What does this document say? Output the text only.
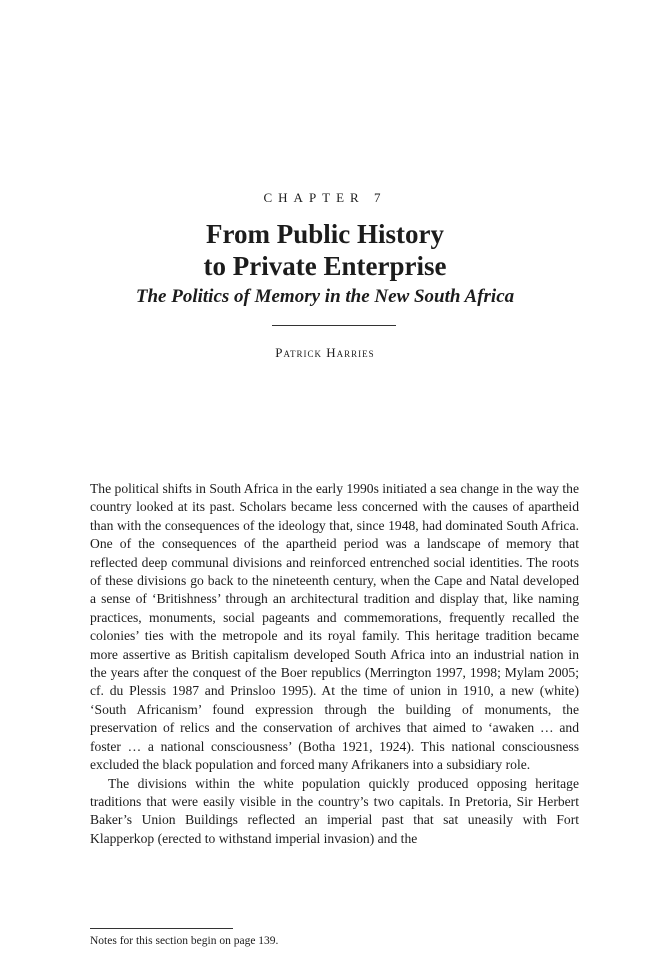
CHAPTER 7
From Public History
to Private Enterprise
The Politics of Memory in the New South Africa
Patrick Harries

The political shifts in South Africa in the early 1990s initiated a sea change in the way the country looked at its past. Scholars became less concerned with the causes of apartheid than with the consequences of the ideology that, since 1948, had dominated South Africa. One of the consequences of the apartheid period was a landscape of memory that reflected deep communal divisions and reinforced entrenched social identities. The roots of these divisions go back to the nineteenth century, when the Cape and Natal developed a sense of ‘Britishness’ through an architectural tradition and display that, like naming practices, monuments, social pageants and commemorations, frequently recalled the colonies’ ties with the metropole and its royal family. This heritage tradition became more assertive as British capitalism developed South Africa into an industrial nation in the years after the conquest of the Boer republics (Merrington 1997, 1998; Mylam 2005; cf. du Plessis 1987 and Prinsloo 1995). At the time of union in 1910, a new (white) ‘South Africanism’ found expression through the building of monuments, the preservation of relics and the conservation of archives that aimed to ‘awaken … and foster … a national consciousness’ (Botha 1921, 1924). This national consciousness excluded the black population and forced many Afrikaners into a subsidiary role.

The divisions within the white population quickly produced opposing heritage traditions that were easily visible in the country’s two capitals. In Pretoria, Sir Herbert Baker’s Union Buildings reflected an imperial past that sat uneasily with Fort Klapperkop (erected to withstand imperial invasion) and the

Notes for this section begin on page 139.
